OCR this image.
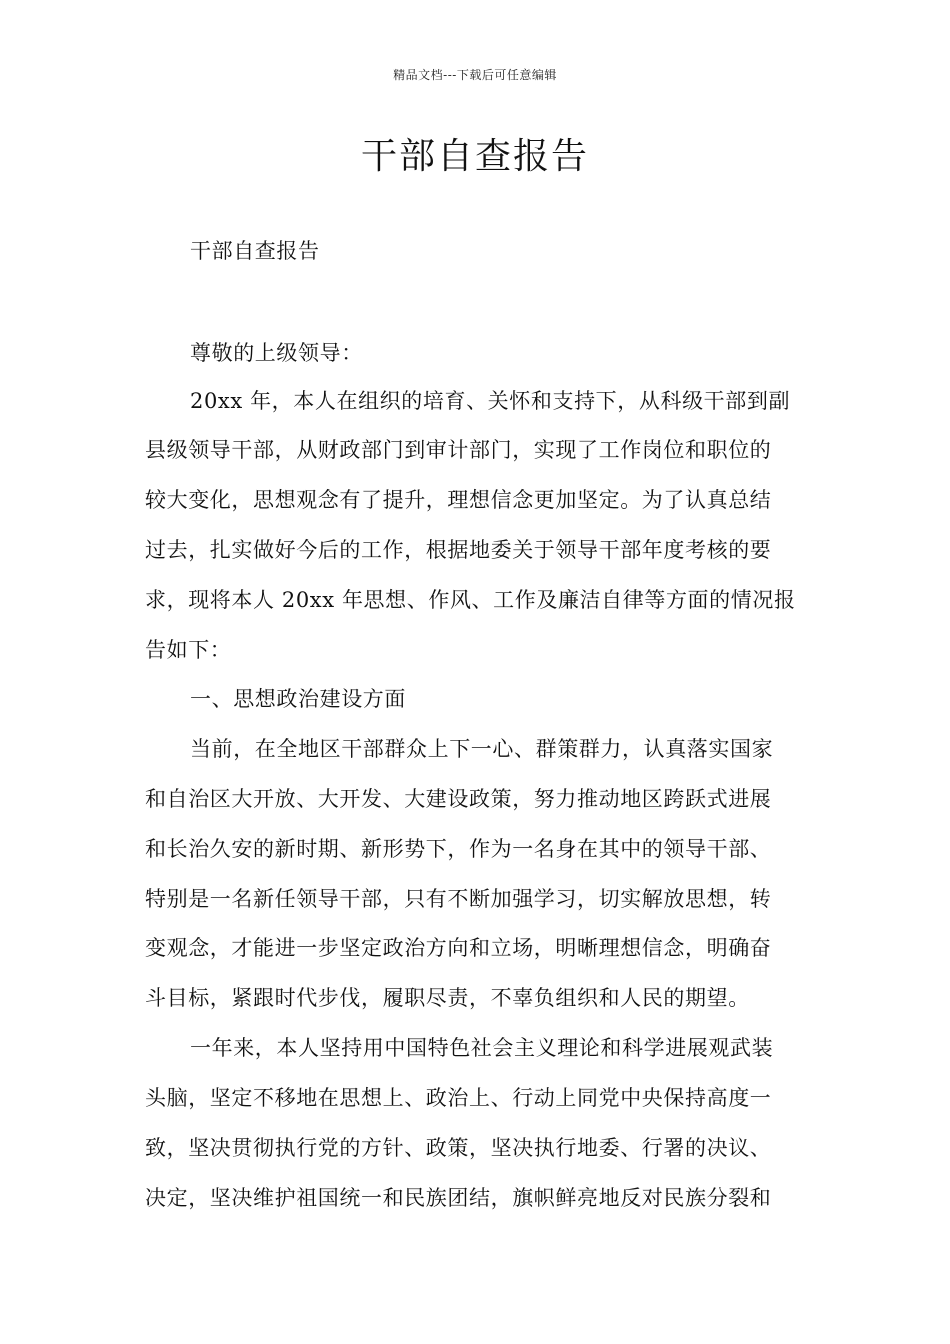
精品文档---下载后可任意编辑
干部自查报告
干部自查报告
尊敬的上级领导：
20xx 年，本人在组织的培育、关怀和支持下，从科级干部到副
县级领导干部，从财政部门到审计部门，实现了工作岗位和职位的
较大变化，思想观念有了提升，理想信念更加坚定。为了认真总结
过去，扎实做好今后的工作，根据地委关于领导干部年度考核的要
求，现将本人 20xx 年思想、作风、工作及廉洁自律等方面的情况报
告如下：
一、思想政治建设方面
当前，在全地区干部群众上下一心、群策群力，认真落实国家
和自治区大开放、大开发、大建设政策，努力推动地区跨跃式进展
和长治久安的新时期、新形势下，作为一名身在其中的领导干部、
特别是一名新任领导干部，只有不断加强学习，切实解放思想，转
变观念，才能进一步坚定政治方向和立场，明晰理想信念，明确奋
斗目标，紧跟时代步伐，履职尽责，不辜负组织和人民的期望。
一年来，本人坚持用中国特色社会主义理论和科学进展观武装
头脑，坚定不移地在思想上、政治上、行动上同党中央保持高度一
致，坚决贯彻执行党的方针、政策，坚决执行地委、行署的决议、
决定，坚决维护祖国统一和民族团结，旗帜鲜亮地反对民族分裂和
